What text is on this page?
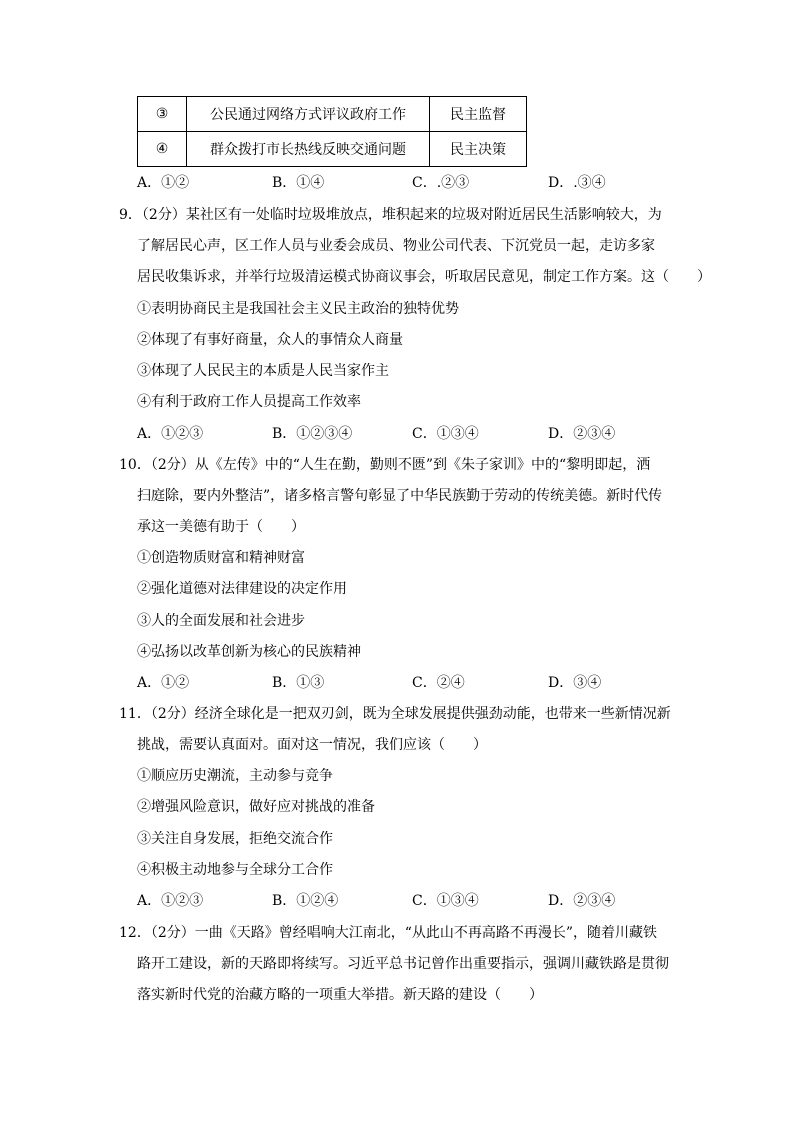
③	公民通过网络方式评议政府工作	民主监督
④	群众拨打市长热线反映交通问题	民主决策
A．①②	B．①④	C．.②③	D．.③④
9．（2分）某社区有一处临时垃圾堆放点，堆积起来的垃圾对附近居民生活影响较大，为
了解居民心声，区工作人员与业委会成员、物业公司代表、下沉党员一起，走访多家
居民收集诉求，并举行垃圾清运模式协商议事会，听取居民意见，制定工作方案。这（　　）
①表明协商民主是我国社会主义民主政治的独特优势
②体现了有事好商量，众人的事情众人商量
③体现了人民民主的本质是人民当家作主
④有利于政府工作人员提高工作效率
A．①②③	B．①②③④	C．①③④	D．②③④
10．（2分）从《左传》中的“人生在勤，勤则不匮”到《朱子家训》中的“黎明即起，洒
扫庭除，要内外整洁”，诸多格言警句彰显了中华民族勤于劳动的传统美德。新时代传
承这一美德有助于（　　）
①创造物质财富和精神财富
②强化道德对法律建设的决定作用
③人的全面发展和社会进步
④弘扬以改革创新为核心的民族精神
A．①②	B．①③	C．②④	D．③④
11．（2分）经济全球化是一把双刃剑，既为全球发展提供强劲动能，也带来一些新情况新
挑战，需要认真面对。面对这一情况，我们应该（　　）
①顺应历史潮流，主动参与竞争
②增强风险意识，做好应对挑战的准备
③关注自身发展，拒绝交流合作
④积极主动地参与全球分工合作
A．①②③	B．①②④	C．①③④	D．②③④
12．（2分）一曲《天路》曾经唱响大江南北，“从此山不再高路不再漫长”，随着川藏铁
路开工建设，新的天路即将续写。习近平总书记曾作出重要指示，强调川藏铁路是贯彻
落实新时代党的治藏方略的一项重大举措。新天路的建设（　　）
